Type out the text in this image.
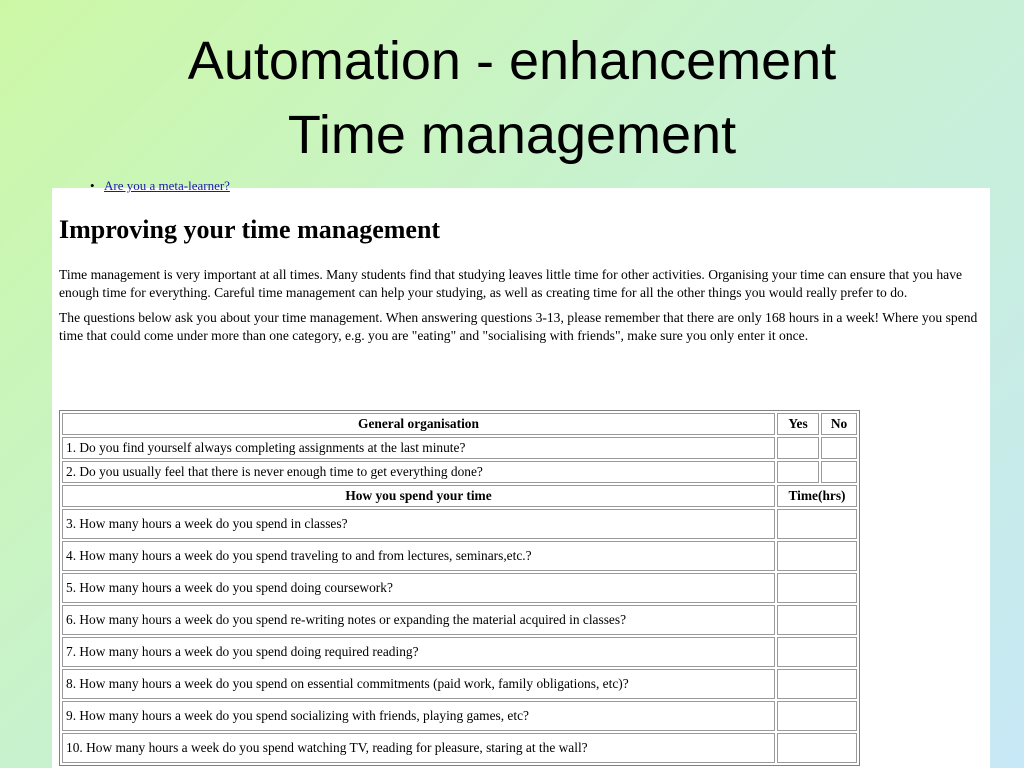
Automation - enhancement
Time management
• Are you a meta-learner?
Improving your time management

Time management is very important at all times. Many students find that studying leaves little time for other activities. Organising your time can ensure that you have enough time for everything. Careful time management can help your studying, as well as creating time for all the other things you would really prefer to do.

The questions below ask you about your time management. When answering questions 3-13, please remember that there are only 168 hours in a week! Where you spend time that could come under more than one category, e.g. you are "eating" and "socialising with friends", make sure you only enter it once.

General organisation	Yes	No
1. Do you find yourself always completing assignments at the last minute?		
2. Do you usually feel that there is never enough time to get everything done?		
How you spend your time	Time(hrs)	
3. How many hours a week do you spend in classes?		
4. How many hours a week do you spend traveling to and from lectures, seminars,etc.?		
5. How many hours a week do you spend doing coursework?		
6. How many hours a week do you spend re-writing notes or expanding the material acquired in classes?		
7. How many hours a week do you spend doing required reading?		
8. How many hours a week do you spend on essential commitments (paid work, family obligations, etc)?		
9. How many hours a week do you spend socializing with friends, playing games, etc?		
10. How many hours a week do you spend watching TV, reading for pleasure, staring at the wall?		
